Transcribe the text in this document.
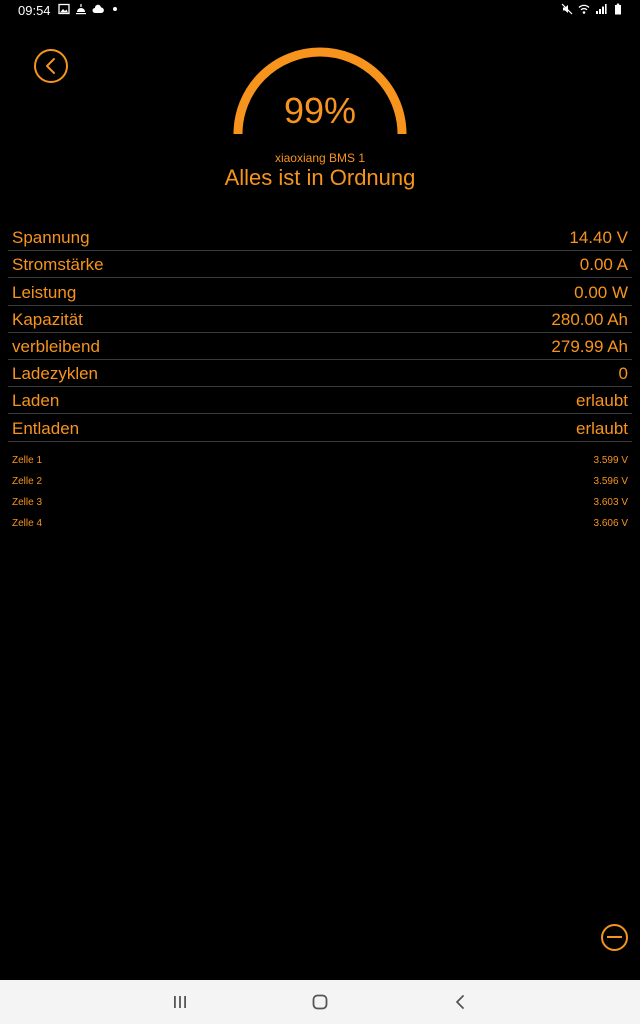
09:54
99%
xiaoxiang BMS 1
Alles ist in Ordnung
Spannung	14.40 V
Stromstärke	0.00 A
Leistung	0.00 W
Kapazität	280.00 Ah
verbleibend	279.99 Ah
Ladezyklen	0
Laden	erlaubt
Entladen	erlaubt
Zelle 1	3.599 V
Zelle 2	3.596 V
Zelle 3	3.603 V
Zelle 4	3.606 V
